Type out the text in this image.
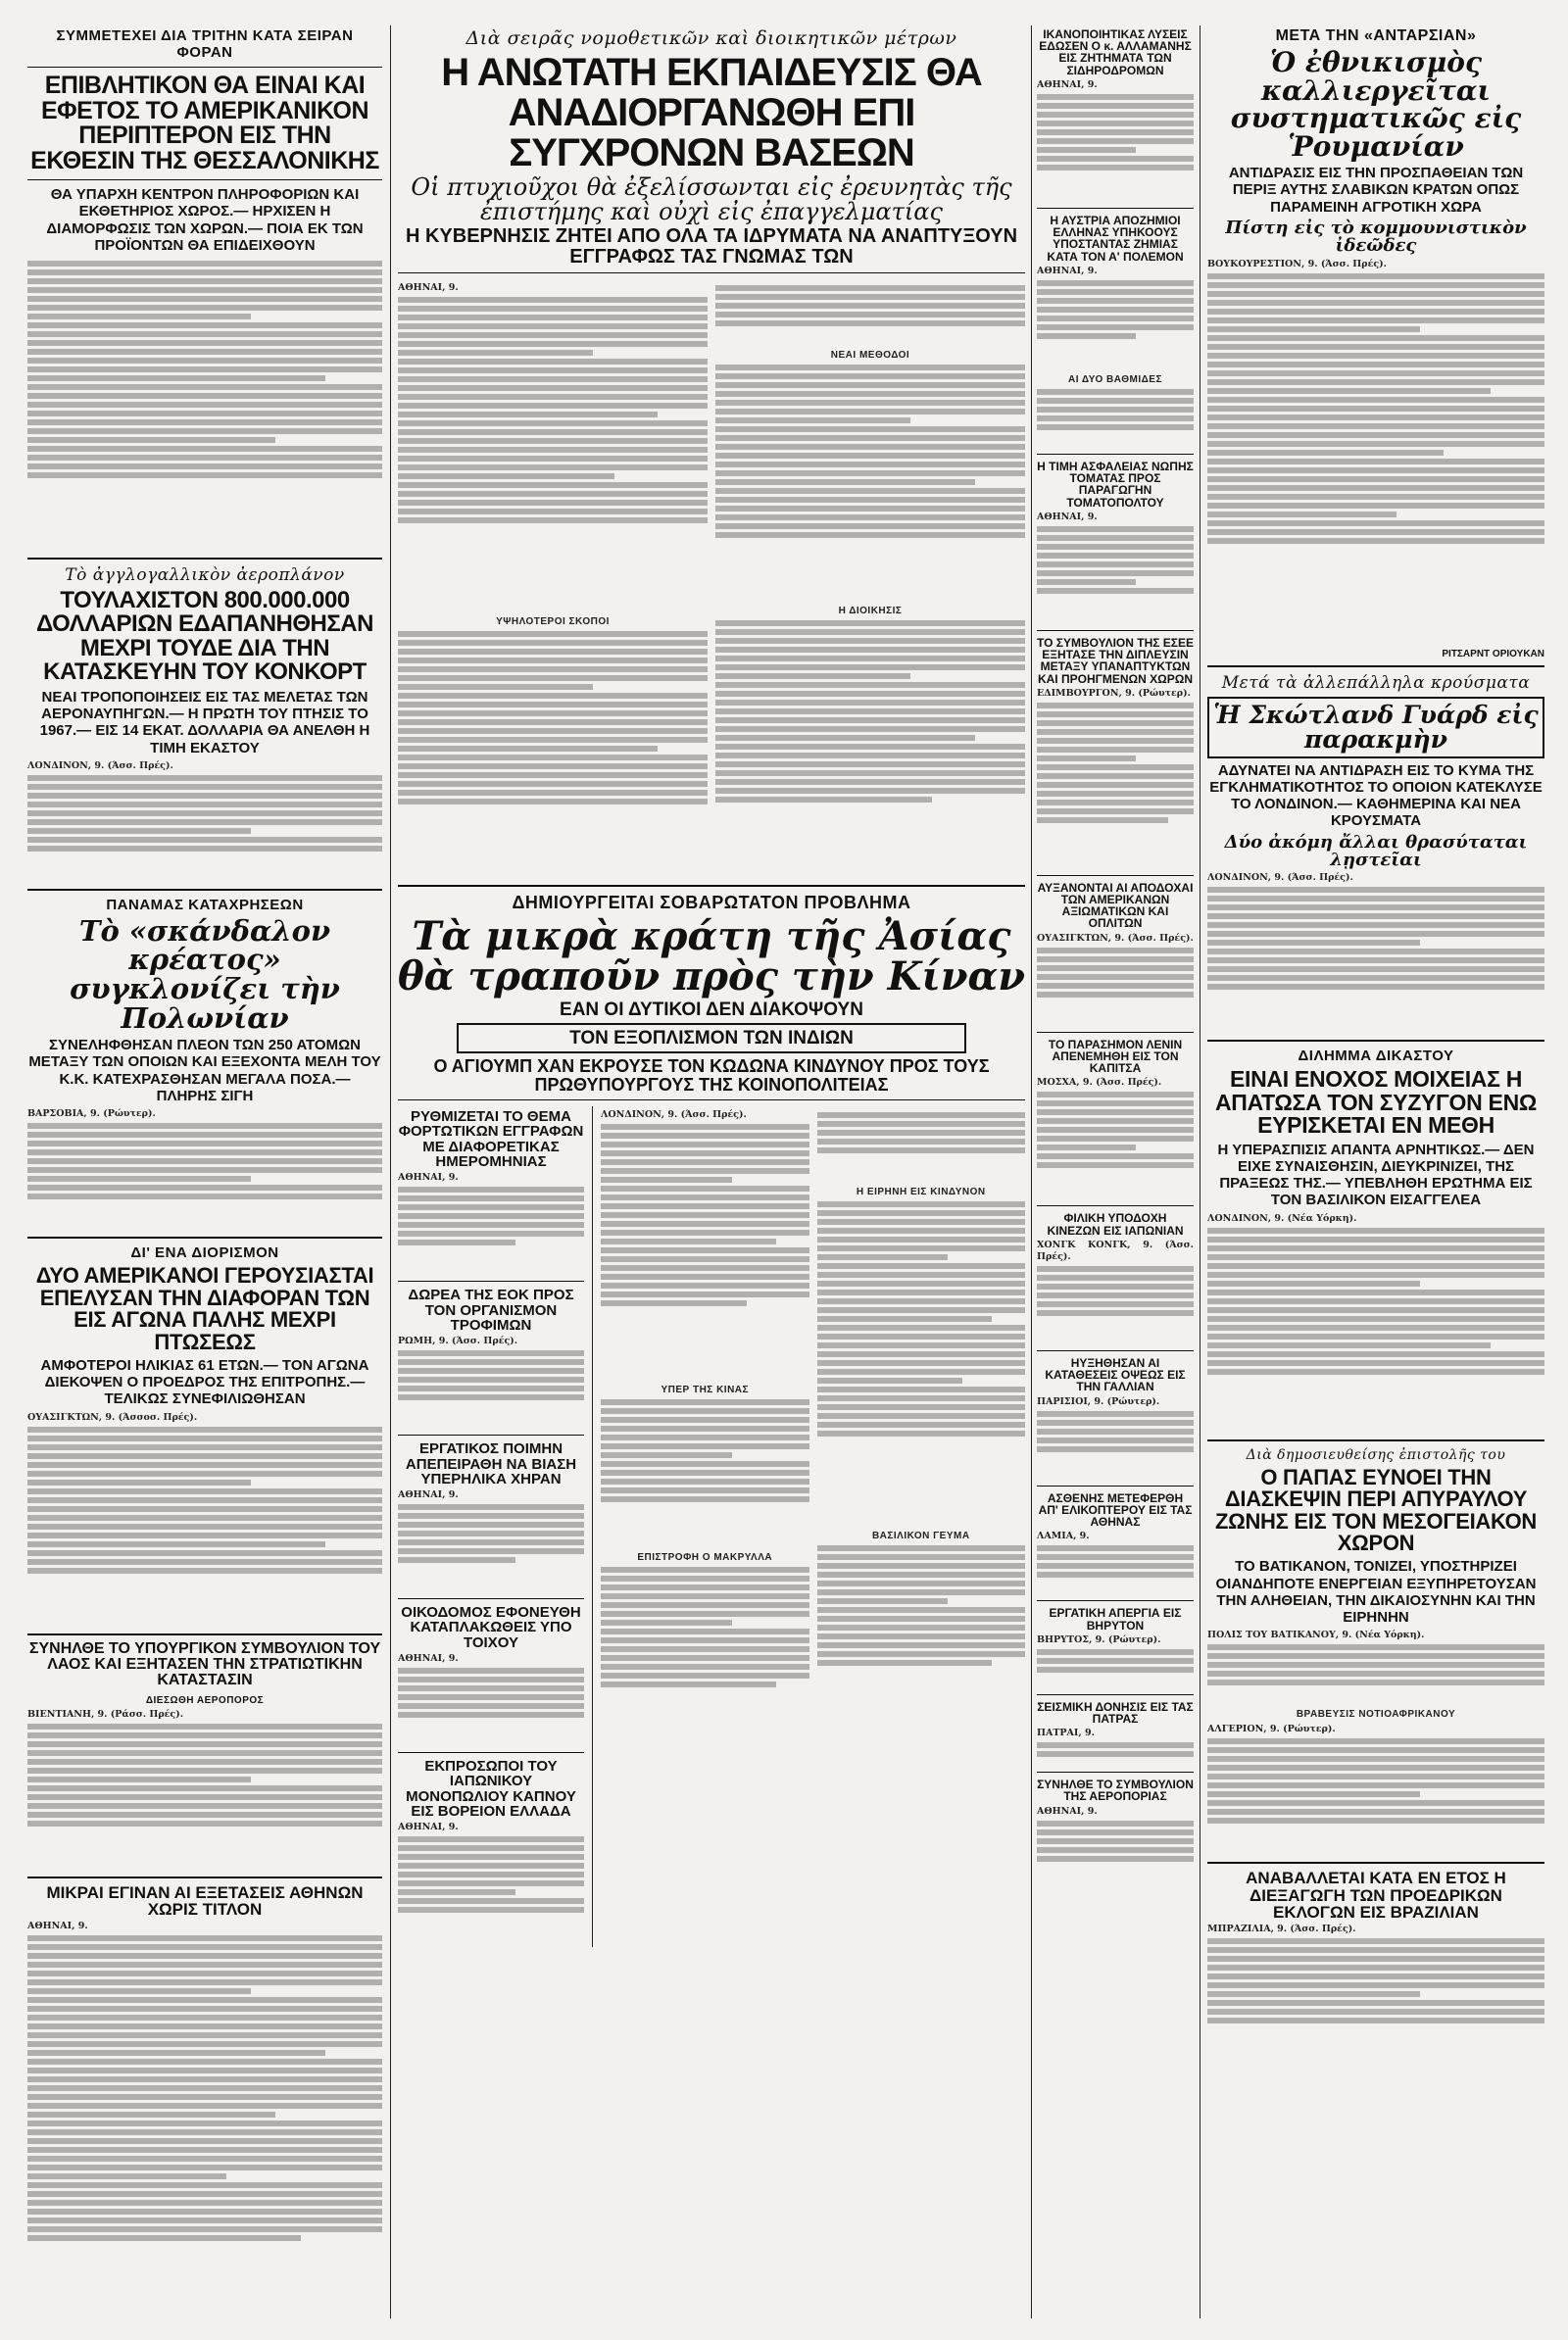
ΣΥΜΜΕΤΕΧΕΙ ΔΙΑ ΤΡΙΤΗΝ ΚΑΤΑ ΣΕΙΡΑΝ ΦΟΡΑΝ
ΕΠΙΒΛΗΤΙΚΟΝ ΘΑ ΕΙΝΑΙ ΚΑΙ ΕΦΕΤΟΣ ΤΟ ΑΜΕΡΙΚΑΝΙΚΟΝ ΠΕΡΙΠΤΕΡΟΝ ΕΙΣ ΤΗΝ ΕΚΘΕΣΙΝ ΤΗΣ ΘΕΣΣΑΛΟΝΙΚΗΣ
ΘΑ ΥΠΑΡΧΗ ΚΕΝΤΡΟΝ ΠΛΗΡΟΦΟΡΙΩΝ ΚΑΙ ΕΚΘΕΤΗΡΙΟΣ ΧΩΡΟΣ.— ΗΡΧΙΣΕΝ Η ΔΙΑΜΟΡΦΩΣΙΣ ΤΩΝ ΧΩΡΩΝ.— ΠΟΙΑ ΕΚ ΤΩΝ ΠΡΟΪΟΝΤΩΝ ΘΑ ΕΠΙΔΕΙΧΘΟΥΝ
Τὸ ἀγγλογαλλικὸν ἀεροπλάνον
ΤΟΥΛΑΧΙΣΤΟΝ 800.000.000 ΔΟΛΛΑΡΙΩΝ ΕΔΑΠΑΝΗΘΗΣΑΝ ΜΕΧΡΙ ΤΟΥΔΕ ΔΙΑ ΤΗΝ ΚΑΤΑΣΚΕΥΗΝ ΤΟΥ ΚΟΝΚΟΡΤ
ΝΕΑΙ ΤΡΟΠΟΠΟΙΗΣΕΙΣ ΕΙΣ ΤΑΣ ΜΕΛΕΤΑΣ ΤΩΝ ΑΕΡΟΝΑΥΠΗΓΩΝ.— Η ΠΡΩΤΗ ΤΟΥ ΠΤΗΣΙΣ ΤΟ 1967.— ΕΙΣ 14 ΕΚΑΤ. ΔΟΛΛΑΡΙΑ ΘΑ ΑΝΕΛΘΗ Η ΤΙΜΗ ΕΚΑΣΤΟΥ
ΛΟΝΔΙΝΟΝ, 9. (Άσσ. Πρές).
ΠΑΝΑΜΑΣ ΚΑΤΑΧΡΗΣΕΩΝ
Τὸ «σκάνδαλον κρέατος» συγκλονίζει τὴν Πολωνίαν
ΣΥΝΕΛΗΦΘΗΣΑΝ ΠΛΕΟΝ ΤΩΝ 250 ΑΤΟΜΩΝ ΜΕΤΑΞΥ ΤΩΝ ΟΠΟΙΩΝ ΚΑΙ ΕΞΕΧΟΝΤΑ ΜΕΛΗ ΤΟΥ Κ.Κ. ΚΑΤΕΧΡΑΣΘΗΣΑΝ ΜΕΓΑΛΑ ΠΟΣΑ.— ΠΛΗΡΗΣ ΣΙΓΗ
ΒΑΡΣΟΒΙΑ, 9. (Ρώυτερ).
ΔΙ' ΕΝΑ ΔΙΟΡΙΣΜΟΝ
ΔΥΟ ΑΜΕΡΙΚΑΝΟΙ ΓΕΡΟΥΣΙΑΣΤΑΙ ΕΠΕΛΥΣΑΝ ΤΗΝ ΔΙΑΦΟΡΑΝ ΤΩΝ ΕΙΣ ΑΓΩΝΑ ΠΑΛΗΣ ΜΕΧΡΙ ΠΤΩΣΕΩΣ
ΑΜΦΟΤΕΡΟΙ ΗΛΙΚΙΑΣ 61 ΕΤΩΝ.— ΤΟΝ ΑΓΩΝΑ ΔΙΕΚΟΨΕΝ Ο ΠΡΟΕΔΡΟΣ ΤΗΣ ΕΠΙΤΡΟΠΗΣ.— ΤΕΛΙΚΩΣ ΣΥΝΕΦΙΛΙΩΘΗΣΑΝ
ΟΥΑΣΙΓΚΤΩΝ, 9. (Άσσοσ. Πρές).
ΣΥΝΗΛΘΕ ΤΟ ΥΠΟΥΡΓΙΚΟΝ ΣΥΜΒΟΥΛΙΟΝ ΤΟΥ ΛΑΟΣ ΚΑΙ ΕΞΗΤΑΣΕΝ ΤΗΝ ΣΤΡΑΤΙΩΤΙΚΗΝ ΚΑΤΑΣΤΑΣΙΝ
ΔΙΕΣΩΘΗ ΑΕΡΟΠΟΡΟΣ
ΒΙΕΝΤΙΑΝΗ, 9. (Ράσσ. Πρές).
ΜΙΚΡΑΙ ΕΓΙΝΑΝ ΑΙ ΕΞΕΤΑΣΕΙΣ ΑΘΗΝΩΝ ΧΩΡΙΣ ΤΙΤΛΟΝ
ΑΘΗΝΑΙ, 9.
Διὰ σειρᾶς νομοθετικῶν καὶ διοικητικῶν μέτρων
Η ΑΝΩΤΑΤΗ ΕΚΠΑΙΔΕΥΣΙΣ ΘΑ ΑΝΑΔΙΟΡΓΑΝΩΘΗ ΕΠΙ ΣΥΓΧΡΟΝΩΝ ΒΑΣΕΩΝ
Οἱ πτυχιοῦχοι θὰ ἐξελίσσωνται εἰς ἐρευνητὰς τῆς ἐπιστήμης καὶ οὐχὶ εἰς ἐπαγγελματίας
Η ΚΥΒΕΡΝΗΣΙΣ ΖΗΤΕΙ ΑΠΟ ΟΛΑ ΤΑ ΙΔΡΥΜΑΤΑ ΝΑ ΑΝΑΠΤΥΞΟΥΝ ΕΓΓΡΑΦΩΣ ΤΑΣ ΓΝΩΜΑΣ ΤΩΝ
ΑΘΗΝΑΙ, 9.
ΥΨΗΛΟΤΕΡΟΙ ΣΚΟΠΟΙ
ΝΕΑΙ ΜΕΘΟΔΟΙ
Η ΔΙΟΙΚΗΣΙΣ
ΔΗΜΙΟΥΡΓΕΙΤΑΙ ΣΟΒΑΡΩΤΑΤΟΝ ΠΡΟΒΛΗΜΑ
Τὰ μικρὰ κράτη τῆς Ἀσίας θὰ τραποῦν πρὸς τὴν Κίναν
ΕΑΝ ΟΙ ΔΥΤΙΚΟΙ ΔΕΝ ΔΙΑΚΟΨΟΥΝ
ΤΟΝ ΕΞΟΠΛΙΣΜΟΝ ΤΩΝ ΙΝΔΙΩΝ
Ο ΑΓΙΟΥΜΠ ΧΑΝ ΕΚΡΟΥΣΕ ΤΟΝ ΚΩΔΩΝΑ ΚΙΝΔΥΝΟΥ ΠΡΟΣ ΤΟΥΣ ΠΡΩΘΥΠΟΥΡΓΟΥΣ ΤΗΣ ΚΟΙΝΟΠΟΛΙΤΕΙΑΣ
ΡΥΘΜΙΖΕΤΑΙ ΤΟ ΘΕΜΑ ΦΟΡΤΩΤΙΚΩΝ ΕΓΓΡΑΦΩΝ ΜΕ ΔΙΑΦΟΡΕΤΙΚΑΣ ΗΜΕΡΟΜΗΝΙΑΣ
ΑΘΗΝΑΙ, 9.
ΔΩΡΕΑ ΤΗΣ ΕΟΚ ΠΡΟΣ ΤΟΝ ΟΡΓΑΝΙΣΜΟΝ ΤΡΟΦΙΜΩΝ
ΡΩΜΗ, 9. (Άσσ. Πρές).
ΕΡΓΑΤΙΚΟΣ ΠΟΙΜΗΝ ΑΠΕΠΕΙΡΑΘΗ ΝΑ ΒΙΑΣΗ ΥΠΕΡΗΛΙΚΑ ΧΗΡΑΝ
ΑΘΗΝΑΙ, 9.
ΟΙΚΟΔΟΜΟΣ ΕΦΟΝΕΥΘΗ ΚΑΤΑΠΛΑΚΩΘΕΙΣ ΥΠΟ ΤΟΙΧΟΥ
ΑΘΗΝΑΙ, 9.
ΕΚΠΡΟΣΩΠΟΙ ΤΟΥ ΙΑΠΩΝΙΚΟΥ ΜΟΝΟΠΩΛΙΟΥ ΚΑΠΝΟΥ ΕΙΣ ΒΟΡΕΙΟΝ ΕΛΛΑΔΑ
ΑΘΗΝΑΙ, 9.
ΛΟΝΔΙΝΟΝ, 9. (Άσσ. Πρές).
ΥΠΕΡ ΤΗΣ ΚΙΝΑΣ
ΕΠΙΣΤΡΟΦΗ Ο ΜΑΚΡΥΛΛΑ
Η ΕΙΡΗΝΗ ΕΙΣ ΚΙΝΔΥΝΟΝ
ΒΑΣΙΛΙΚΟΝ ΓΕΥΜΑ
ΙΚΑΝΟΠΟΙΗΤΙΚΑΣ ΛΥΣΕΙΣ ΕΔΩΣΕΝ Ο κ. ΑΛΛΑΜΑΝΗΣ ΕΙΣ ΖΗΤΗΜΑΤΑ ΤΩΝ ΣΙΔΗΡΟΔΡΟΜΩΝ
ΑΘΗΝΑΙ, 9.
Η ΑΥΣΤΡΙΑ ΑΠΟΖΗΜΙΟΙ ΕΛΛΗΝΑΣ ΥΠΗΚΟΟΥΣ ΥΠΟΣΤΑΝΤΑΣ ΖΗΜΙΑΣ ΚΑΤΑ ΤΟΝ Α' ΠΟΛΕΜΟΝ
ΑΘΗΝΑΙ, 9.
ΑΙ ΔΥΟ ΒΑΘΜΙΔΕΣ
Η ΤΙΜΗ ΑΣΦΑΛΕΙΑΣ ΝΩΠΗΣ ΤΟΜΑΤΑΣ ΠΡΟΣ ΠΑΡΑΓΩΓΗΝ ΤΟΜΑΤΟΠΟΛΤΟΥ
ΑΘΗΝΑΙ, 9.
ΤΟ ΣΥΜΒΟΥΛΙΟΝ ΤΗΣ ΕΣΕΕ ΕΞΗΤΑΣΕ ΤΗΝ ΔΙΠΛΕΥΣΙΝ ΜΕΤΑΞΥ ΥΠΑΝΑΠΤΥΚΤΩΝ ΚΑΙ ΠΡΟΗΓΜΕΝΩΝ ΧΩΡΩΝ
ΕΔΙΜΒΟΥΡΓΟΝ, 9. (Ρώυτερ).
ΑΥΞΑΝΟΝΤΑΙ ΑΙ ΑΠΟΔΟΧΑΙ ΤΩΝ ΑΜΕΡΙΚΑΝΩΝ ΑΞΙΩΜΑΤΙΚΩΝ ΚΑΙ ΟΠΛΙΤΩΝ
ΟΥΑΣΙΓΚΤΩΝ, 9. (Άσσ. Πρές).
ΤΟ ΠΑΡΑΣΗΜΟΝ ΛΕΝΙΝ ΑΠΕΝΕΜΗΘΗ ΕΙΣ ΤΟΝ ΚΑΠΙΤΣΑ
ΜΟΣΧΑ, 9. (Άσσ. Πρές).
ΦΙΛΙΚΗ ΥΠΟΔΟΧΗ ΚΙΝΕΖΩΝ ΕΙΣ ΙΑΠΩΝΙΑΝ
ΧΟΝΓΚ ΚΟΝΓΚ, 9. (Άσσ. Πρές).
ΗΥΞΗΘΗΣΑΝ ΑΙ ΚΑΤΑΘΕΣΕΙΣ ΟΨΕΩΣ ΕΙΣ ΤΗΝ ΓΑΛΛΙΑΝ
ΠΑΡΙΣΙΟΙ, 9. (Ρώυτερ).
ΑΣΘΕΝΗΣ ΜΕΤΕΦΕΡΘΗ ΑΠ' ΕΛΙΚΟΠΤΕΡΟΥ ΕΙΣ ΤΑΣ ΑΘΗΝΑΣ
ΛΑΜΙΑ, 9.
ΕΡΓΑΤΙΚΗ ΑΠΕΡΓΙΑ ΕΙΣ ΒΗΡΥΤΟΝ
ΒΗΡΥΤΟΣ, 9. (Ρώυτερ).
ΣΕΙΣΜΙΚΗ ΔΟΝΗΣΙΣ ΕΙΣ ΤΑΣ ΠΑΤΡΑΣ
ΠΑΤΡΑΙ, 9.
ΣΥΝΗΛΘΕ ΤΟ ΣΥΜΒΟΥΛΙΟΝ ΤΗΣ ΑΕΡΟΠΟΡΙΑΣ
ΑΘΗΝΑΙ, 9.
ΜΕΤΑ ΤΗΝ «ΑΝΤΑΡΣΙΑΝ»
Ὁ ἐθνικισμὸς καλλιεργεῖται συστηματικῶς εἰς Ῥουμανίαν
ΑΝΤΙΔΡΑΣΙΣ ΕΙΣ ΤΗΝ ΠΡΟΣΠΑΘΕΙΑΝ ΤΩΝ ΠΕΡΙΞ ΑΥΤΗΣ ΣΛΑΒΙΚΩΝ ΚΡΑΤΩΝ ΟΠΩΣ ΠΑΡΑΜΕΙΝΗ ΑΓΡΟΤΙΚΗ ΧΩΡΑ
Πίστη εἰς τὸ κομμουνιστικὸν ἰδεῶδες
ΒΟΥΚΟΥΡΕΣΤΙΟΝ, 9. (Άσσ. Πρές).
ΡΙΤΣΑΡΝΤ ΟΡΙΟΥΚΑΝ
Μετά τὰ ἀλλεπάλληλα κρούσματα
Ἡ Σκώτλανδ Γυάρδ εἰς παρακμὴν
ΑΔΥΝΑΤΕΙ ΝΑ ΑΝΤΙΔΡΑΣΗ ΕΙΣ ΤΟ ΚΥΜΑ ΤΗΣ ΕΓΚΛΗΜΑΤΙΚΟΤΗΤΟΣ ΤΟ ΟΠΟΙΟΝ ΚΑΤΕΚΛΥΣΕ ΤΟ ΛΟΝΔΙΝΟΝ.— ΚΑΘΗΜΕΡΙΝΑ ΚΑΙ ΝΕΑ ΚΡΟΥΣΜΑΤΑ
Δύο ἀκόμη ἄλλαι θρασύταται λῃστεῖαι
ΛΟΝΔΙΝΟΝ, 9. (Άσσ. Πρές).
ΔΙΛΗΜΜΑ ΔΙΚΑΣΤΟΥ
ΕΙΝΑΙ ΕΝΟΧΟΣ ΜΟΙΧΕΙΑΣ Η ΑΠΑΤΩΣΑ ΤΟΝ ΣΥΖΥΓΟΝ ΕΝΩ ΕΥΡΙΣΚΕΤΑΙ ΕΝ ΜΕΘΗ
Η ΥΠΕΡΑΣΠΙΣΙΣ ΑΠΑΝΤΑ ΑΡΝΗΤΙΚΩΣ.— ΔΕΝ ΕΙΧΕ ΣΥΝΑΙΣΘΗΣΙΝ, ΔΙΕΥΚΡΙΝΙΖΕΙ, ΤΗΣ ΠΡΑΞΕΩΣ ΤΗΣ.— ΥΠΕΒΛΗΘΗ ΕΡΩΤΗΜΑ ΕΙΣ ΤΟΝ ΒΑΣΙΛΙΚΟΝ ΕΙΣΑΓΓΕΛΕΑ
ΛΟΝΔΙΝΟΝ, 9. (Νέα Υόρκη).
Διὰ δημοσιευθείσης ἐπιστολῆς του
Ο ΠΑΠΑΣ ΕΥΝΟΕΙ ΤΗΝ ΔΙΑΣΚΕΨΙΝ ΠΕΡΙ ΑΠΥΡΑΥΛΟΥ ΖΩΝΗΣ ΕΙΣ ΤΟΝ ΜΕΣΟΓΕΙΑΚΟΝ ΧΩΡΟΝ
ΤΟ ΒΑΤΙΚΑΝΟΝ, ΤΟΝΙΖΕΙ, ΥΠΟΣΤΗΡΙΖΕΙ ΟΙΑΝΔΗΠΟΤΕ ΕΝΕΡΓΕΙΑΝ ΕΞΥΠΗΡΕΤΟΥΣΑΝ ΤΗΝ ΑΛΗΘΕΙΑΝ, ΤΗΝ ΔΙΚΑΙΟΣΥΝΗΝ ΚΑΙ ΤΗΝ ΕΙΡΗΝΗΝ
ΠΟΛΙΣ ΤΟΥ ΒΑΤΙΚΑΝΟΥ, 9. (Νέα Υόρκη).
ΒΡΑΒΕΥΣΙΣ ΝΟΤΙΟΑΦΡΙΚΑΝΟΥ
ΑΛΓΕΡΙΟΝ, 9. (Ρώυτερ).
ΑΝΑΒΑΛΛΕΤΑΙ ΚΑΤΑ ΕΝ ΕΤΟΣ Η ΔΙΕΞΑΓΩΓΗ ΤΩΝ ΠΡΟΕΔΡΙΚΩΝ ΕΚΛΟΓΩΝ ΕΙΣ ΒΡΑΖΙΛΙΑΝ
ΜΠΡΑΖΙΛΙΑ, 9. (Άσσ. Πρές).
